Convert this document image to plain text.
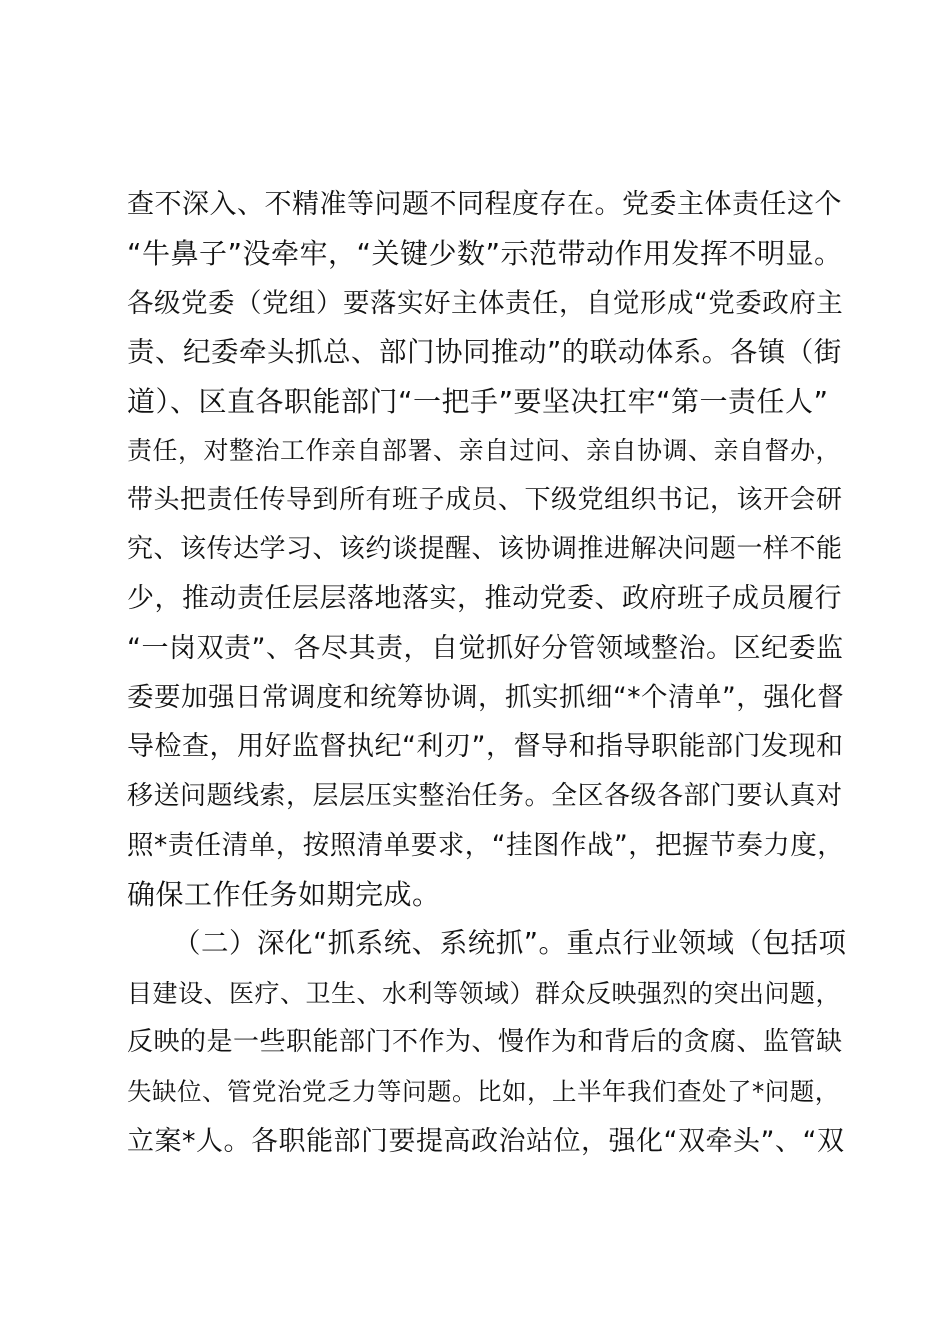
查不深入、不精准等问题不同程度存在。党委主体责任这个
“牛鼻子”没牵牢，“关键少数”示范带动作用发挥不明显。
各级党委（党组）要落实好主体责任，自觉形成“党委政府主
责、纪委牵头抓总、部门协同推动”的联动体系。各镇（街
道）、区直各职能部门“一把手”要坚决扛牢“第一责任人”
责任，对整治工作亲自部署、亲自过问、亲自协调、亲自督办，
带头把责任传导到所有班子成员、下级党组织书记，该开会研
究、该传达学习、该约谈提醒、该协调推进解决问题一样不能
少，推动责任层层落地落实，推动党委、政府班子成员履行
“一岗双责”、各尽其责，自觉抓好分管领域整治。区纪委监
委要加强日常调度和统筹协调，抓实抓细“*个清单”，强化督
导检查，用好监督执纪“利刃”，督导和指导职能部门发现和
移送问题线索，层层压实整治任务。全区各级各部门要认真对
照*责任清单，按照清单要求，“挂图作战”，把握节奏力度，
确保工作任务如期完成。
（二）深化“抓系统、系统抓”。重点行业领域（包括项
目建设、医疗、卫生、水利等领域）群众反映强烈的突出问题，
反映的是一些职能部门不作为、慢作为和背后的贪腐、监管缺
失缺位、管党治党乏力等问题。比如，上半年我们查处了*问题，
立案*人。各职能部门要提高政治站位，强化“双牵头”、“双
